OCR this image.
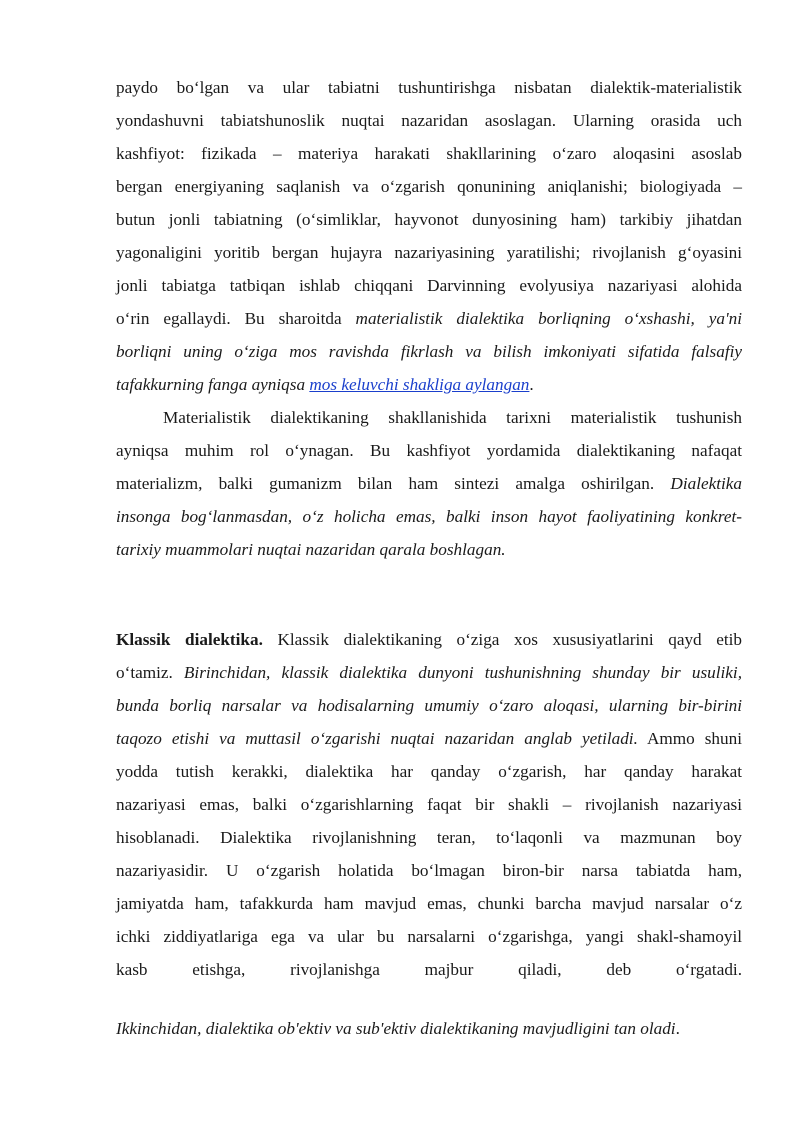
paydo bo‘lgan va ular tabiatni tushuntirishga nisbatan dialektik-materialistik
yondashuvni tabiatshunoslik nuqtai nazaridan asoslagan. Ularning orasida uch
kashfiyot: fizikada – materiya harakati shakllarining o‘zaro aloqasini asoslab
bergan energiyaning saqlanish va o‘zgarish qonunining aniqlanishi; biologiyada –
butun jonli tabiatning (o‘simliklar, hayvonot dunyosining ham) tarkibiy jihatdan
yagonaligini yoritib bergan hujayra nazariyasining yaratilishi; rivojlanish g‘oyasini
jonli tabiatga tatbiqan ishlab chiqqani Darvinning evolyusiya nazariyasi alohida
o‘rin egallaydi. Bu sharoitda materialistik dialektika borliqning o‘xshashi, ya'ni
borliqni uning o‘ziga mos ravishda fikrlash va bilish imkoniyati sifatida falsafiy
tafakkurning fanga ayniqsa mos keluvchi shakliga aylangan.
Materialistik dialektikaning shakllanishida tarixni materialistik tushunish
ayniqsa muhim rol o‘ynagan. Bu kashfiyot yordamida dialektikaning nafaqat
materializm, balki gumanizm bilan ham sintezi amalga oshirilgan. Dialektika
insonga bog‘lanmasdan, o‘z holicha emas, balki inson hayot faoliyatining konkret-
tarixiy muammolari nuqtai nazaridan qarala boshlagan.
Klassik dialektika. Klassik dialektikaning o‘ziga xos xususiyatlarini qayd etib
o‘tamiz. Birinchidan, klassik dialektika dunyoni tushunishning shunday bir usuliki,
bunda borliq narsalar va hodisalarning umumiy o‘zaro aloqasi, ularning bir-birini
taqozo etishi va muttasil o‘zgarishi nuqtai nazaridan anglab yetiladi. Ammo shuni
yodda tutish kerakki, dialektika har qanday o‘zgarish, har qanday harakat
nazariyasi emas, balki o‘zgarishlarning faqat bir shakli – rivojlanish nazariyasi
hisoblanadi. Dialektika rivojlanishning teran, to‘laqonli va mazmunan boy
nazariyasidir. U o‘zgarish holatida bo‘lmagan biron-bir narsa tabiatda ham,
jamiyatda ham, tafakkurda ham mavjud emas, chunki barcha mavjud narsalar o‘z
ichki ziddiyatlariga ega va ular bu narsalarni o‘zgarishga, yangi shakl-shamoyil
kasb etishga, rivojlanishga majbur qiladi, deb o‘rgatadi.
Ikkinchidan, dialektika ob'ektiv va sub'ektiv dialektikaning mavjudligini tan oladi.
